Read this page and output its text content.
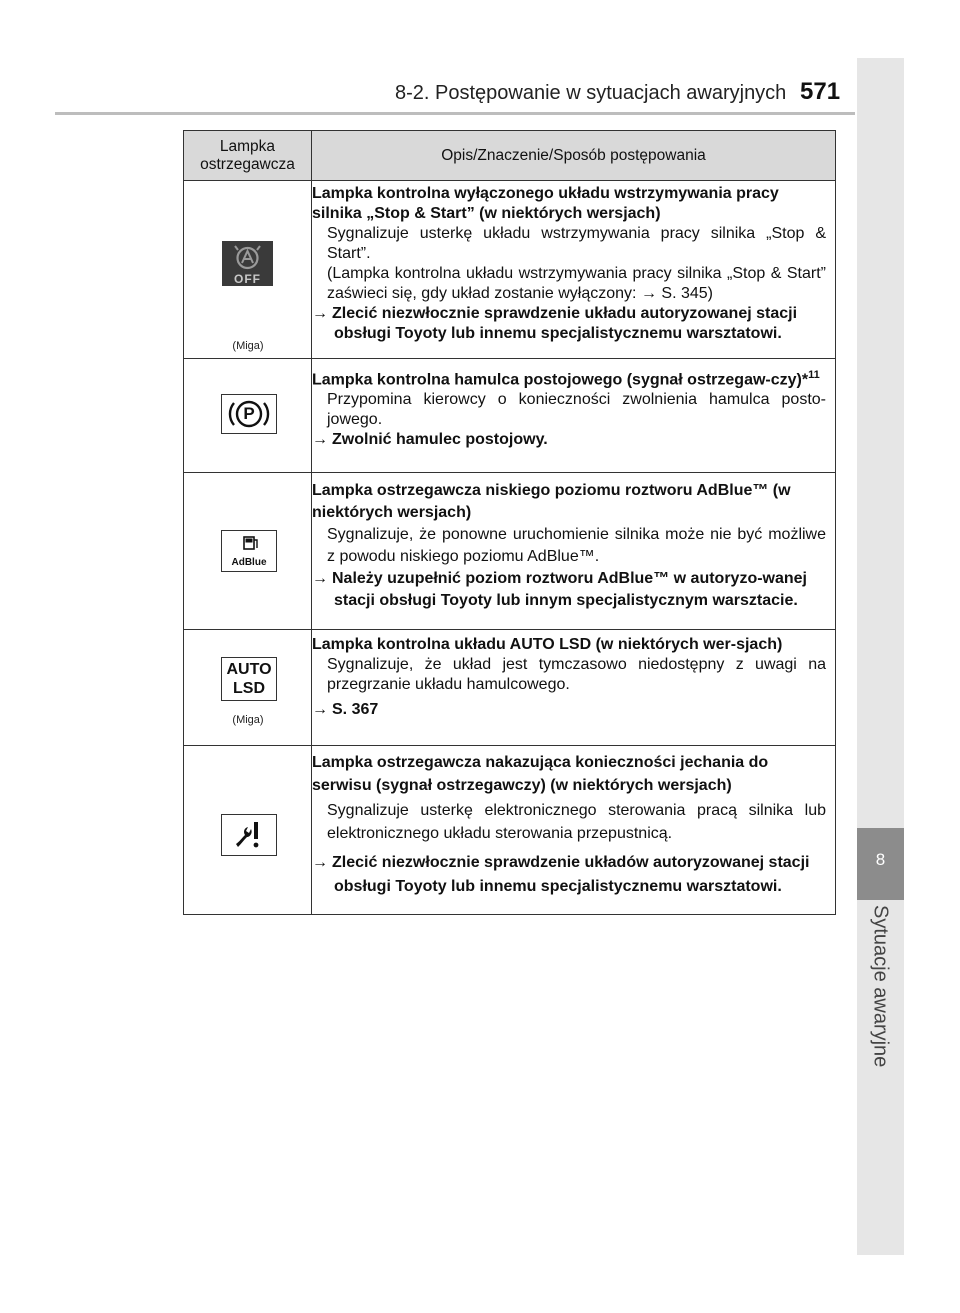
8-2. Postępowanie w sytuacjach awaryjnych 571
8
Sytuacje awaryjne
Lampka
ostrzegawcza
Opis/Znaczenie/Sposób postępowania
OFF
(Miga)
Lampka kontrolna wyłączonego układu wstrzymywania pracy silnika „Stop & Start” (w niektórych wersjach)
Sygnalizuje usterkę układu wstrzymywania pracy silnika „Stop & Start”.
(Lampka kontrolna układu wstrzymywania pracy silnika „Stop & Start” zaświeci się, gdy układ zostanie wyłączony: → S. 345)
→ Zlecić niezwłocznie sprawdzenie układu autoryzowanej stacji obsługi Toyoty lub innemu specjalistycznemu warsztatowi.
P
Lampka kontrolna hamulca postojowego (sygnał ostrzegaw-czy)*$^{11}$
Przypomina kierowcy o konieczności zwolnienia hamulca posto-jowego.
→ Zwolnić hamulec postojowy.
AdBlue
Lampka ostrzegawcza niskiego poziomu roztworu AdBlue™ (w niektórych wersjach)
Sygnalizuje, że ponowne uruchomienie silnika może nie być możliwe z powodu niskiego poziomu AdBlue™.
→ Należy uzupełnić poziom roztworu AdBlue™ w autoryzo-wanej stacji obsługi Toyoty lub innym specjalistycznym warsztacie.
AUTO
LSD
(Miga)
Lampka kontrolna układu AUTO LSD (w niektórych wer-sjach)
Sygnalizuje, że układ jest tymczasowo niedostępny z uwagi na przegrzanie układu hamulcowego.
→ S. 367
Lampka ostrzegawcza nakazująca konieczności jechania do serwisu (sygnał ostrzegawczy) (w niektórych wersjach)
Sygnalizuje usterkę elektronicznego sterowania pracą silnika lub elektronicznego układu sterowania przepustnicą.
→ Zlecić niezwłocznie sprawdzenie układów autoryzowanej stacji obsługi Toyoty lub innemu specjalistycznemu warsztatowi.
